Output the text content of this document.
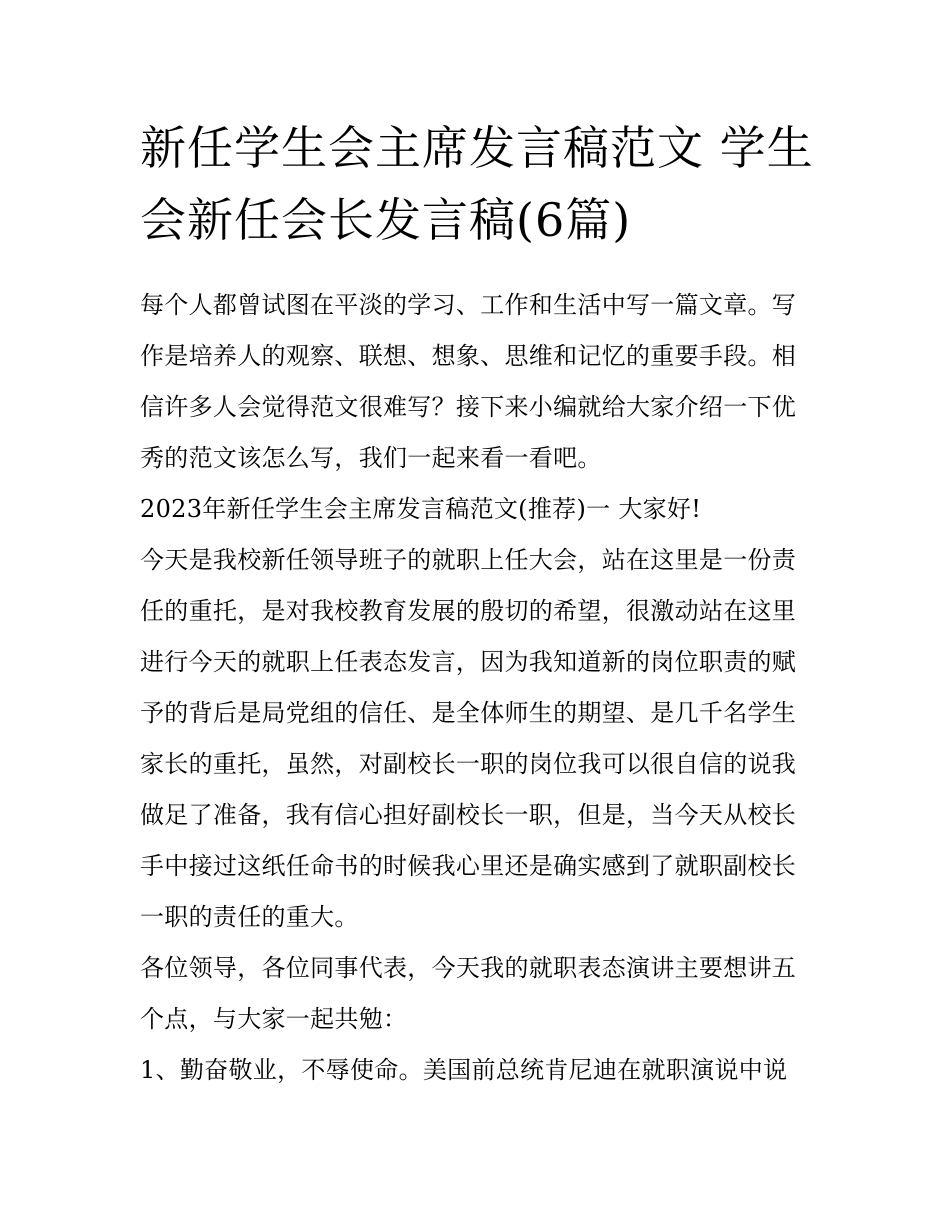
新任学生会主席发言稿范文 学生会新任会长发言稿(6篇)

每个人都曾试图在平淡的学习、工作和生活中写一篇文章。写作是培养人的观察、联想、想象、思维和记忆的重要手段。相信许多人会觉得范文很难写？接下来小编就给大家介绍一下优秀的范文该怎么写，我们一起来看一看吧。

2023年新任学生会主席发言稿范文(推荐)一 大家好!

今天是我校新任领导班子的就职上任大会，站在这里是一份责任的重托，是对我校教育发展的殷切的希望，很激动站在这里进行今天的就职上任表态发言，因为我知道新的岗位职责的赋予的背后是局党组的信任、是全体师生的期望、是几千名学生家长的重托，虽然，对副校长一职的岗位我可以很自信的说我做足了准备，我有信心担好副校长一职，但是，当今天从校长手中接过这纸任命书的时候我心里还是确实感到了就职副校长一职的责任的重大。

各位领导，各位同事代表，今天我的就职表态演讲主要想讲五个点，与大家一起共勉：

1、勤奋敬业，不辱使命。美国前总统肯尼迪在就职演说中说
